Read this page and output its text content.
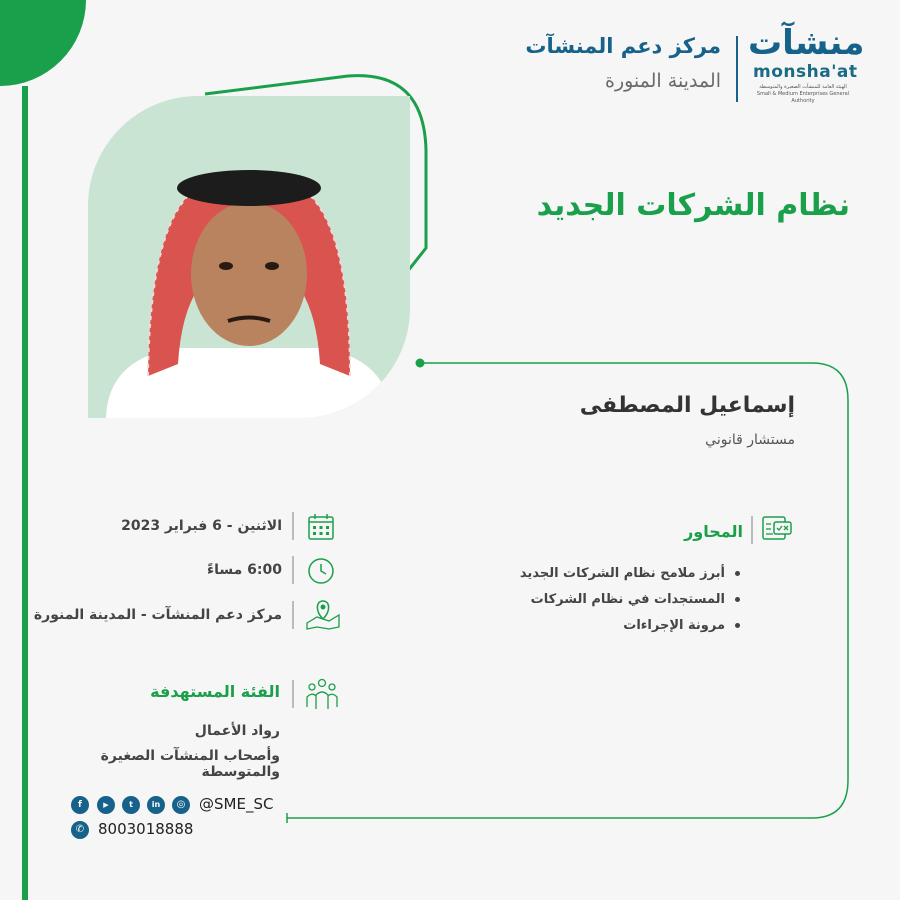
مركز دعم المنشآت
المدينة المنورة
منشآت
monsha'at
الهيئة العامة للمنشآت الصغيرة والمتوسطة Small & Medium Enterprises General Authority
نظام الشركات الجديد
إسماعيل المصطفى
مستشار قانوني
الاثنين - 6 فبراير 2023
6:00 مساءً
مركز دعم المنشآت - المدينة المنورة
المحاور
أبرز ملامح نظام الشركات الجديد
المستجدات في نظام الشركات
مرونة الإجراءات
الفئة المستهدفة
رواد الأعمال
وأصحاب المنشآت الصغيرة والمتوسطة
f	▶	t	in	◎ @SME_SC
✆ 8003018888
